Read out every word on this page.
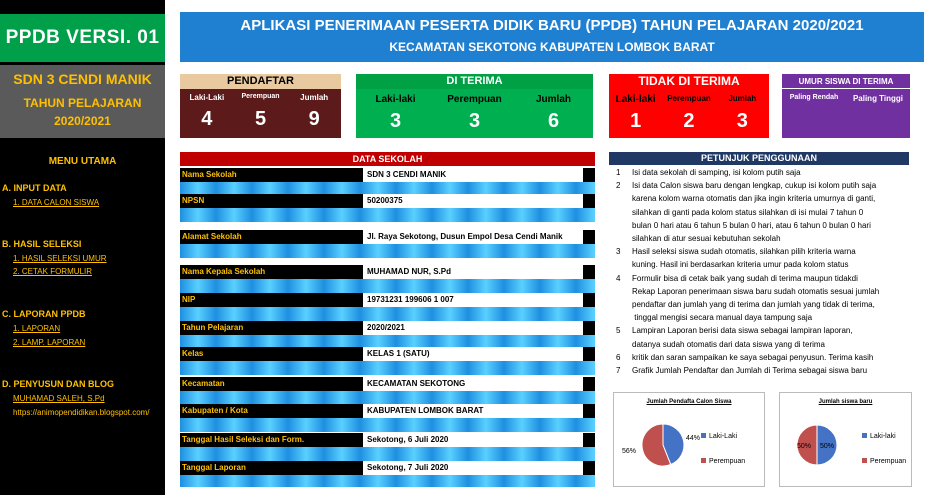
PPDB VERSI. 01
SDN 3 CENDI MANIK
TAHUN PELAJARAN
2020/2021
MENU UTAMA
A. INPUT DATA
1. DATA CALON SISWA
B. HASIL SELEKSI
1. HASIL SELEKSI UMUR
2. CETAK FORMULIR
C. LAPORAN PPDB
1. LAPORAN
2. LAMP. LAPORAN
D. PENYUSUN DAN BLOG
MUHAMAD SALEH, S.Pd
https://animopendidikan.blogspot.com/
APLIKASI PENERIMAAN PESERTA DIDIK BARU (PPDB) TAHUN PELAJARAN 2020/2021
KECAMATAN SEKOTONG KABUPATEN LOMBOK BARAT
PENDAFTAR
Laki-Laki	Perempuan	Jumlah
4	5	9
DI TERIMA
Laki-laki	Perempuan	Jumlah
3	3	6
TIDAK DI TERIMA
Laki-laki	Perempuan	Jumlah
1	2	3
UMUR SISWA DI TERIMA
Paling Rendah	Paling Tinggi
DATA SEKOLAH
Nama Sekolah	SDN 3 CENDI MANIK
NPSN	50200375
Alamat Sekolah	Jl. Raya Sekotong, Dusun Empol Desa Cendi Manik
Nama Kepala Sekolah	MUHAMAD NUR, S.Pd
NIP	19731231 199606 1 007
Tahun Pelajaran	2020/2021
Kelas	KELAS 1 (SATU)
Kecamatan	KECAMATAN SEKOTONG
Kabupaten / Kota	KABUPATEN LOMBOK BARAT
Tanggal Hasil Seleksi dan Form.	Sekotong, 6 Juli 2020
Tanggal Laporan	Sekotong, 7 Juli 2020
PETUNJUK PENGGUNAAN
1 Isi data sekolah di samping, isi kolom putih saja
2 Isi data Calon siswa baru dengan lengkap, cukup isi kolom putih saja
karena kolom warna otomatis dan jika ingin kriteria umurnya di ganti,
silahkan di ganti pada kolom status silahkan di isi mulai 7 tahun 0
bulan 0 hari atau 6 tahun 5 bulan 0 hari, atau 6 tahun 0 bulan 0 hari
silahkan di atur sesuai kebutuhan sekolah
3 Hasil seleksi siswa sudah otomatis, silahkan pilih kriteria warna
kuning. Hasil ini berdasarkan kriteria umur pada kolom status
4 Formulir bisa di cetak baik yang sudah di terima maupun tidakdi
Rekap Laporan penerimaan siswa baru sudah otomatis sesuai jumlah
pendaftar dan jumlah yang di terima dan jumlah yang tidak di terima,
tinggal mengisi secara manual daya tampung saja
5 Lampiran Laporan berisi data siswa sebagai lampiran laporan,
datanya sudah otomatis dari data siswa yang di terima
6 kritik dan saran sampaikan ke saya sebagai penyusun. Terima kasih
7 Grafik Jumlah Pendaftar dan Jumlah di Terima sebagai siswa baru
Jumlah Pendafta Calon Siswa
44% Laki-Laki
56%
Perempuan
Jumlah siswa baru
50%
Laki-laki
50%
Perempuan
